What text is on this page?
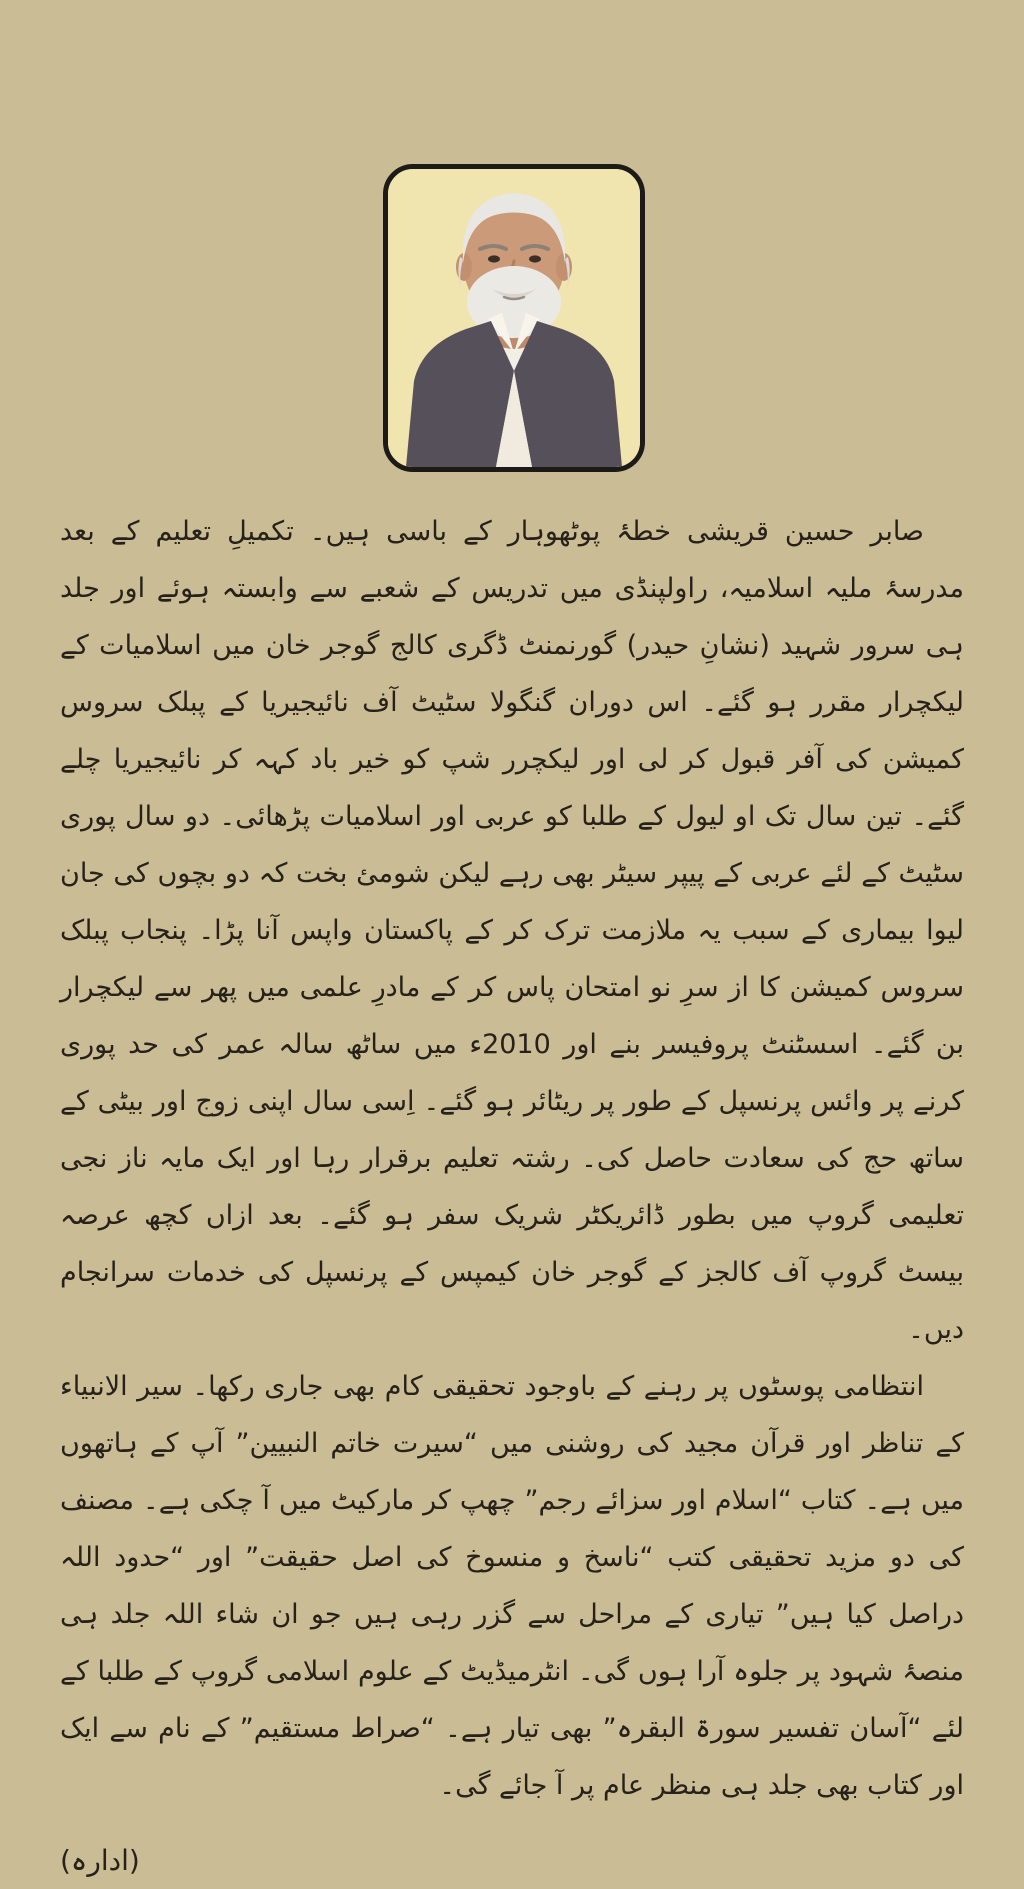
صابر حسین قریشی خطۂ پوٹھوہار کے باسی ہیں۔ تکمیلِ تعلیم کے بعد مدرسۂ ملیہ اسلامیہ، راولپنڈی میں تدریس کے شعبے سے وابستہ ہوئے اور جلد ہی سرور شہید (نشانِ حیدر) گورنمنٹ ڈگری کالج گوجر خان میں اسلامیات کے لیکچرار مقرر ہو گئے۔ اس دوران گنگولا سٹیٹ آف نائیجیریا کے پبلک سروس کمیشن کی آفر قبول کر لی اور لیکچرر شپ کو خیر باد کہہ کر نائیجیریا چلے گئے۔ تین سال تک او لیول کے طلبا کو عربی اور اسلامیات پڑھائی۔ دو سال پوری سٹیٹ کے لئے عربی کے پیپر سیٹر بھی رہے لیکن شومئ بخت کہ دو بچوں کی جان لیوا بیماری کے سبب یہ ملازمت ترک کر کے پاکستان واپس آنا پڑا۔ پنجاب پبلک سروس کمیشن کا از سرِ نو امتحان پاس کر کے مادرِ علمی میں پھر سے لیکچرار بن گئے۔ اسسٹنٹ پروفیسر بنے اور 2010ء میں ساٹھ سالہ عمر کی حد پوری کرنے پر وائس پرنسپل کے طور پر ریٹائر ہو گئے۔ اِسی سال اپنی زوج اور بیٹی کے ساتھ حج کی سعادت حاصل کی۔ رشتہ تعلیم برقرار رہا اور ایک مایہ ناز نجی تعلیمی گروپ میں بطور ڈائریکٹر شریک سفر ہو گئے۔ بعد ازاں کچھ عرصہ بیسٹ گروپ آف کالجز کے گوجر خان کیمپس کے پرنسپل کی خدمات سرانجام دیں۔

انتظامی پوسٹوں پر رہنے کے باوجود تحقیقی کام بھی جاری رکھا۔ سیر الانبیاء کے تناظر اور قرآن مجید کی روشنی میں “سیرت خاتم النبیین” آپ کے ہاتھوں میں ہے۔ کتاب “اسلام اور سزائے رجم” چھپ کر مارکیٹ میں آ چکی ہے۔ مصنف کی دو مزید تحقیقی کتب “ناسخ و منسوخ کی اصل حقیقت” اور “حدود اللہ دراصل کیا ہیں” تیاری کے مراحل سے گزر رہی ہیں جو ان شاء اللہ جلد ہی منصۂ شہود پر جلوہ آرا ہوں گی۔ انٹرمیڈیٹ کے علوم اسلامی گروپ کے طلبا کے لئے “آسان تفسیر سورۃ البقرہ” بھی تیار ہے۔ “صراط مستقیم” کے نام سے ایک اور کتاب بھی جلد ہی منظر عام پر آ جائے گی۔

(ادارہ)
